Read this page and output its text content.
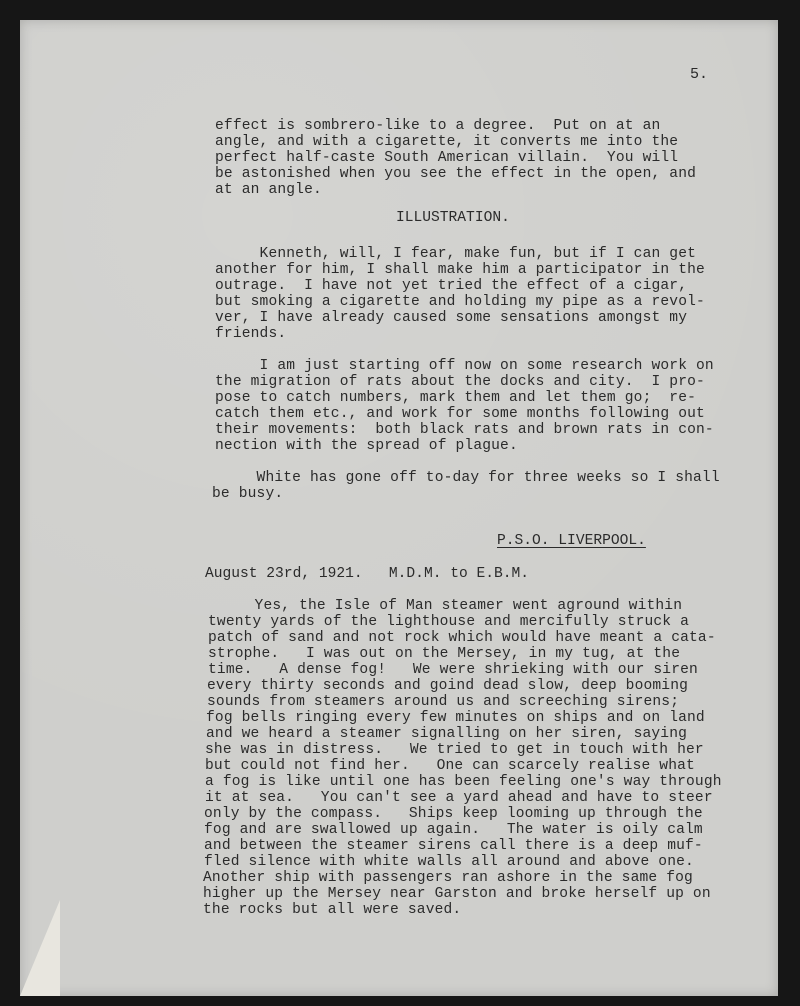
5.
effect is sombrero-like to a degree.  Put on at an
angle, and with a cigarette, it converts me into the
perfect half-caste South American villain.  You will
be astonished when you see the effect in the open, and
at an angle.
ILLUSTRATION.
Kenneth, will, I fear, make fun, but if I can get
another for him, I shall make him a participator in the
outrage.  I have not yet tried the effect of a cigar,
but smoking a cigarette and holding my pipe as a revol-
ver, I have already caused some sensations amongst my
friends.
I am just starting off now on some research work on
the migration of rats about the docks and city.  I pro-
pose to catch numbers, mark them and let them go;  re-
catch them etc., and work for some months following out
their movements:  both black rats and brown rats in con-
nection with the spread of plague.
White has gone off to-day for three weeks so I shall
be busy.
P.S.O. LIVERPOOL.
August 23rd, 1921.   M.D.M. to E.B.M.
Yes, the Isle of Man steamer went aground within
twenty yards of the lighthouse and mercifully struck a
patch of sand and not rock which would have meant a cata-
strophe.   I was out on the Mersey, in my tug, at the
time.   A dense fog!   We were shrieking with our siren
every thirty seconds and goind dead slow, deep booming
sounds from steamers around us and screeching sirens;
fog bells ringing every few minutes on ships and on land
and we heard a steamer signalling on her siren, saying
she was in distress.   We tried to get in touch with her
but could not find her.   One can scarcely realise what
a fog is like until one has been feeling one's way through
it at sea.   You can't see a yard ahead and have to steer
only by the compass.   Ships keep looming up through the
fog and are swallowed up again.   The water is oily calm
and between the steamer sirens call there is a deep muf-
fled silence with white walls all around and above one.
Another ship with passengers ran ashore in the same fog
higher up the Mersey near Garston and broke herself up on
the rocks but all were saved.
